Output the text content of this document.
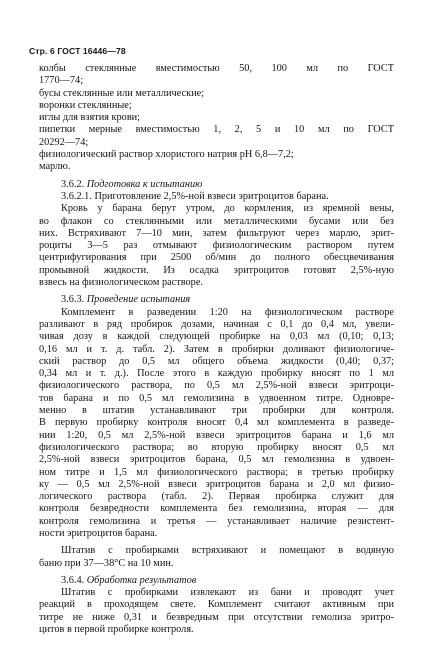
Стр. 6 ГОСТ 16446—78
колбы стеклянные вместимостью 50, 100 мл по ГОСТ
1770—74;
бусы стеклянные или металлические;
воронки стеклянные;
иглы для взятия крови;
пипетки мерные вместимостью 1, 2, 5 и 10 мл по ГОСТ
20292—74;
физиологический раствор хлористого натрия рН 6,8—7,2;
марлю.
3.6.2. Подготовка к испытанию
3.6.2.1. Приготовление 2,5%-ной взвеси эритроцитов барана.
Кровь у барана берут утром, до кормления, из яремной вены,
во флакон со стеклянными или металлическими бусами или без
них. Встряхивают 7—10 мин, затем фильтруют через марлю, эрит-
роциты 3—5 раз отмывают физиологическим раствором путем
центрифугирования при 2500 об/мин до полного обесцвечивания
промывной жидкости. Из осадка эритроцитов готовят 2,5%-ную
взвесь на физиологическом растворе.
3.6.3. Проведение испытания
Комплемент в разведении 1:20 на физиологическом растворе
разливают в ряд пробирок дозами, начиная с 0,1 до 0,4 мл, увели-
чивая дозу в каждой следующей пробирке на 0,03 мл (0,10; 0,13;
0,16 мл и т. д. табл. 2). Затем в пробирки доливают физиологиче-
ский раствор до 0,5 мл общего объема жидкости (0,40; 0,37;
0,34 мл и т. д.). После этого в каждую пробирку вносят по 1 мл
физиологического раствора, по 0,5 мл 2,5%-ной взвеси эритроци-
тов барана и по 0,5 мл гемолизина в удвоенном титре. Одновре-
менно в штатив устанавливают три пробирки для контроля.
В первую пробирку контроля вносят 0,4 мл комплемента в разведе-
нии 1:20, 0,5 мл 2,5%-ной взвеси эритроцитов барана и 1,6 мл
физиологического раствора; во вторую пробирку вносят 0,5 мл
2,5%-ной взвеси эритроцитов барана, 0,5 мл гемолизина в удвоен-
ном титре и 1,5 мл физиологического раствора; в третью пробирку
ку — 0,5 мл 2,5%-ной взвеси эритроцитов барана и 2,0 мл физио-
логического раствора (табл. 2). Первая пробирка служит для
контроля безвредности комплемента без гемолизина, вторая — для
контроля гемолизина и третья — устанавливает наличие резистент-
ности эритроцитов барана.
Штатив с пробирками встряхивают и помещают в водяную
баню при 37—38°С на 10 мин.
3.6.4. Обработка результатов
Штатив с пробирками извлекают из бани и проводят учет
реакций в проходящем свете. Комплемент считают активным при
титре не ниже 0,31 и безвредным при отсутствии гемолиза эритро-
цитов в первой пробирке контроля.
